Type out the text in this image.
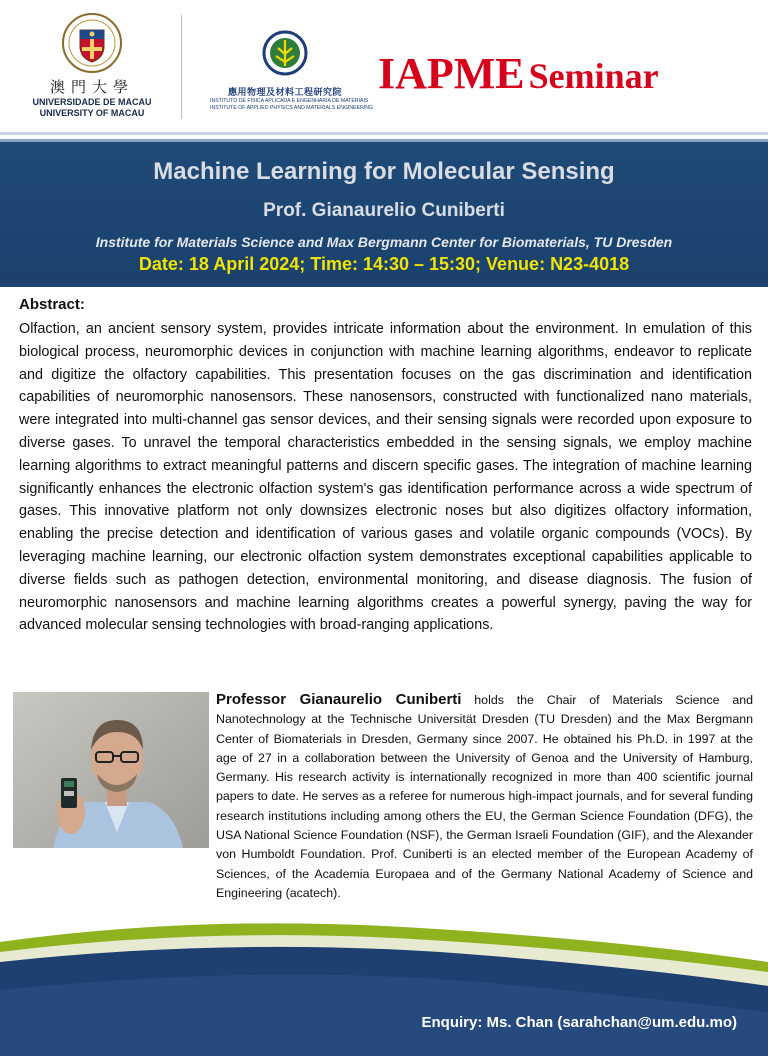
澳門大學
UNIVERSIDADE DE MACAU
UNIVERSITY OF MACAU
應用物理及材料工程研究院
INSTITUTO DE FÍSICA APLICADA E ENGENHARIA DE MATERIAIS
INSTITUTE OF APPLIED PHYSICS AND MATERIALS ENGINEERING
IAPME Seminar
Machine Learning for Molecular Sensing
Prof. Gianaurelio Cuniberti
Institute for Materials Science and Max Bergmann Center for Biomaterials, TU Dresden
Date: 18 April 2024; Time: 14:30 – 15:30; Venue: N23-4018
Abstract:
Olfaction, an ancient sensory system, provides intricate information about the environment. In emulation of this biological process, neuromorphic devices in conjunction with machine learning algorithms, endeavor to replicate and digitize the olfactory capabilities. This presentation focuses on the gas discrimination and identification capabilities of neuromorphic nanosensors. These nanosensors, constructed with functionalized nano materials, were integrated into multi-channel gas sensor devices, and their sensing signals were recorded upon exposure to diverse gases. To unravel the temporal characteristics embedded in the sensing signals, we employ machine learning algorithms to extract meaningful patterns and discern specific gases. The integration of machine learning significantly enhances the electronic olfaction system's gas identification performance across a wide spectrum of gases. This innovative platform not only downsizes electronic noses but also digitizes olfactory information, enabling the precise detection and identification of various gases and volatile organic compounds (VOCs). By leveraging machine learning, our electronic olfaction system demonstrates exceptional capabilities applicable to diverse fields such as pathogen detection, environmental monitoring, and disease diagnosis. The fusion of neuromorphic nanosensors and machine learning algorithms creates a powerful synergy, paving the way for advanced molecular sensing technologies with broad-ranging applications.
Professor Gianaurelio Cuniberti holds the Chair of Materials Science and Nanotechnology at the Technische Universität Dresden (TU Dresden) and the Max Bergmann Center of Biomaterials in Dresden, Germany since 2007. He obtained his Ph.D. in 1997 at the age of 27 in a collaboration between the University of Genoa and the University of Hamburg, Germany. His research activity is internationally recognized in more than 400 scientific journal papers to date. He serves as a referee for numerous high-impact journals, and for several funding research institutions including among others the EU, the German Science Foundation (DFG), the USA National Science Foundation (NSF), the German Israeli Foundation (GIF), and the Alexander von Humboldt Foundation. Prof. Cuniberti is an elected member of the European Academy of Sciences, of the Academia Europaea and of the Germany National Academy of Science and Engineering (acatech).
Enquiry: Ms. Chan (sarahchan@um.edu.mo)
